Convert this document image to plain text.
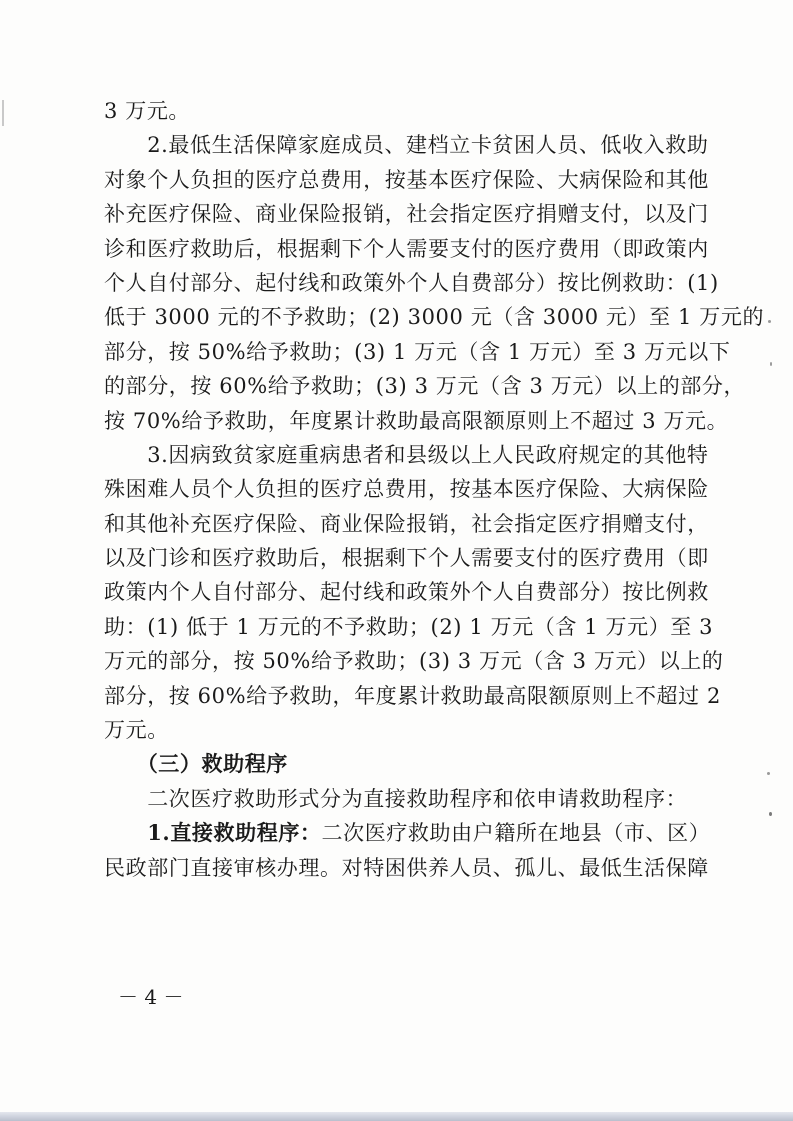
3 万元。
　　2.最低生活保障家庭成员、建档立卡贫困人员、低收入救助
对象个人负担的医疗总费用，按基本医疗保险、大病保险和其他
补充医疗保险、商业保险报销，社会指定医疗捐赠支付，以及门
诊和医疗救助后，根据剩下个人需要支付的医疗费用（即政策内
个人自付部分、起付线和政策外个人自费部分）按比例救助：(1)
低于 3000 元的不予救助；(2) 3000 元（含 3000 元）至 1 万元的
部分，按 50%给予救助；(3) 1 万元（含 1 万元）至 3 万元以下
的部分，按 60%给予救助；(3) 3 万元（含 3 万元）以上的部分，
按 70%给予救助，年度累计救助最高限额原则上不超过 3 万元。
　　3.因病致贫家庭重病患者和县级以上人民政府规定的其他特
殊困难人员个人负担的医疗总费用，按基本医疗保险、大病保险
和其他补充医疗保险、商业保险报销，社会指定医疗捐赠支付，
以及门诊和医疗救助后，根据剩下个人需要支付的医疗费用（即
政策内个人自付部分、起付线和政策外个人自费部分）按比例救
助：(1) 低于 1 万元的不予救助；(2) 1 万元（含 1 万元）至 3
万元的部分，按 50%给予救助；(3) 3 万元（含 3 万元）以上的
部分，按 60%给予救助，年度累计救助最高限额原则上不超过 2
万元。
　　（三）救助程序
　　二次医疗救助形式分为直接救助程序和依申请救助程序：
　　1.直接救助程序：二次医疗救助由户籍所在地县（市、区）
民政部门直接审核办理。对特困供养人员、孤儿、最低生活保障
－ 4 －
